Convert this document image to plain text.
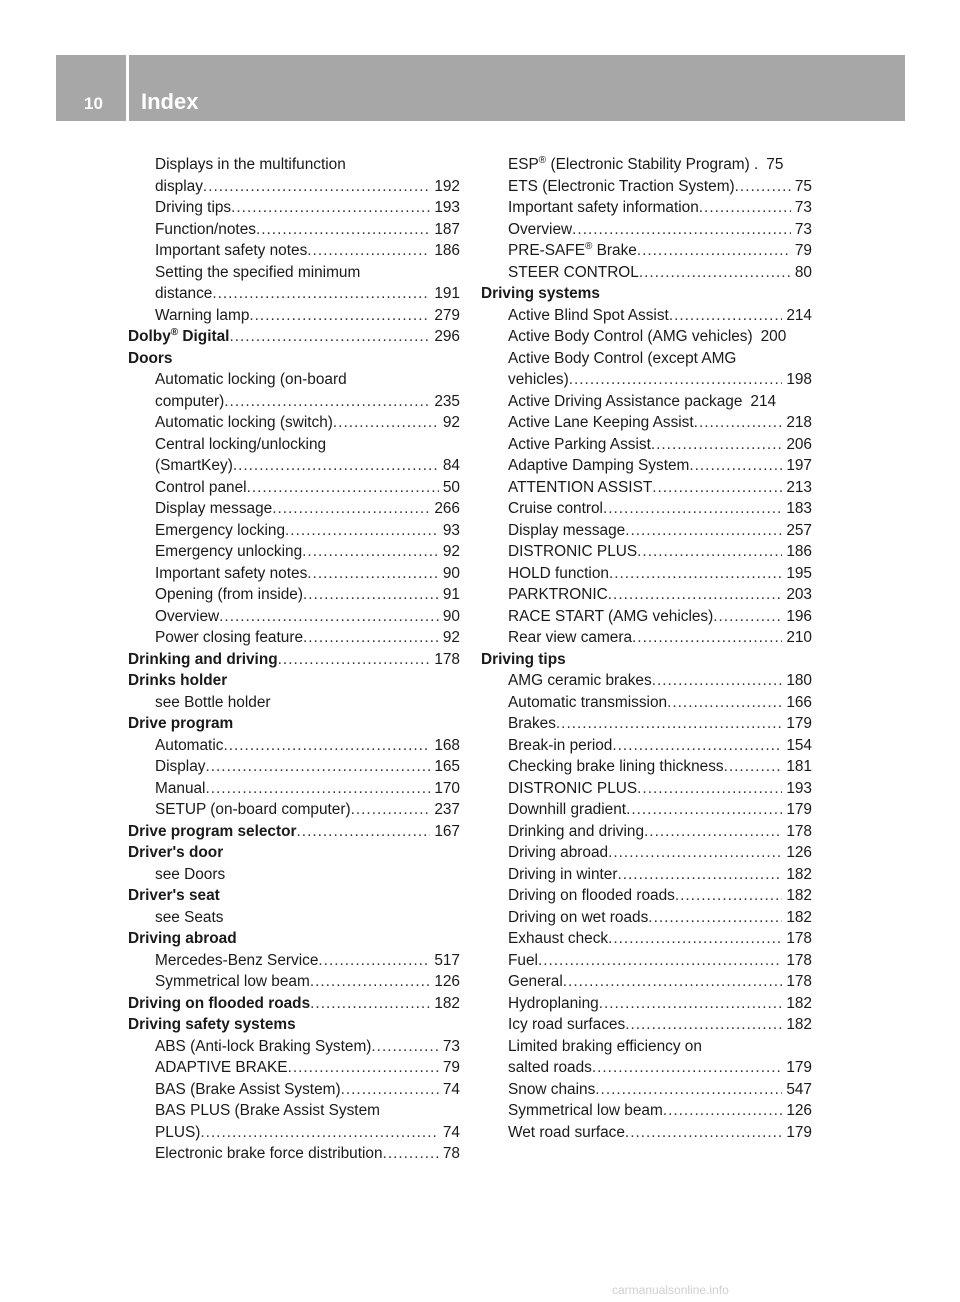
10 Index
Displays in the multifunction
display .....	192
Driving tips .....	193
Function/notes .....	187
Important safety notes .....	186
Setting the specified minimum
distance .....	191
Warning lamp .....	279
Dolby® Digital .....	296
Doors
Automatic locking (on-board
computer) .....	235
Automatic locking (switch) .....	92
Central locking/unlocking
(SmartKey) .....	84
Control panel .....	50
Display message .....	266
Emergency locking .....	93
Emergency unlocking .....	92
Important safety notes .....	90
Opening (from inside) .....	91
Overview .....	90
Power closing feature .....	92
Drinking and driving .....	178
Drinks holder
see Bottle holder
Drive program
Automatic .....	168
Display .....	165
Manual .....	170
SETUP (on-board computer) .....	237
Drive program selector .....	167
Driver's door
see Doors
Driver's seat
see Seats
Driving abroad
Mercedes-Benz Service .....	517
Symmetrical low beam .....	126
Driving on flooded roads .....	182
Driving safety systems
ABS (Anti-lock Braking System) .....	73
ADAPTIVE BRAKE .....	79
BAS (Brake Assist System) .....	74
BAS PLUS (Brake Assist System
PLUS) .....	74
Electronic brake force distribution .....	78
ESP® (Electronic Stability Program) . 75
ETS (Electronic Traction System) .....	75
Important safety information .....	73
Overview .....	73
PRE-SAFE® Brake .....	79
STEER CONTROL .....	80
Driving systems
Active Blind Spot Assist .....	214
Active Body Control (AMG vehicles) 200
Active Body Control (except AMG
vehicles) .....	198
Active Driving Assistance package 214
Active Lane Keeping Assist .....	218
Active Parking Assist .....	206
Adaptive Damping System .....	197
ATTENTION ASSIST .....	213
Cruise control .....	183
Display message .....	257
DISTRONIC PLUS .....	186
HOLD function .....	195
PARKTRONIC .....	203
RACE START (AMG vehicles) .....	196
Rear view camera .....	210
Driving tips
AMG ceramic brakes .....	180
Automatic transmission .....	166
Brakes .....	179
Break-in period .....	154
Checking brake lining thickness .....	181
DISTRONIC PLUS .....	193
Downhill gradient .....	179
Drinking and driving .....	178
Driving abroad .....	126
Driving in winter .....	182
Driving on flooded roads .....	182
Driving on wet roads .....	182
Exhaust check .....	178
Fuel .....	178
General .....	178
Hydroplaning .....	182
Icy road surfaces .....	182
Limited braking efficiency on
salted roads .....	179
Snow chains .....	547
Symmetrical low beam .....	126
Wet road surface .....	179
carmanualsonline.info
